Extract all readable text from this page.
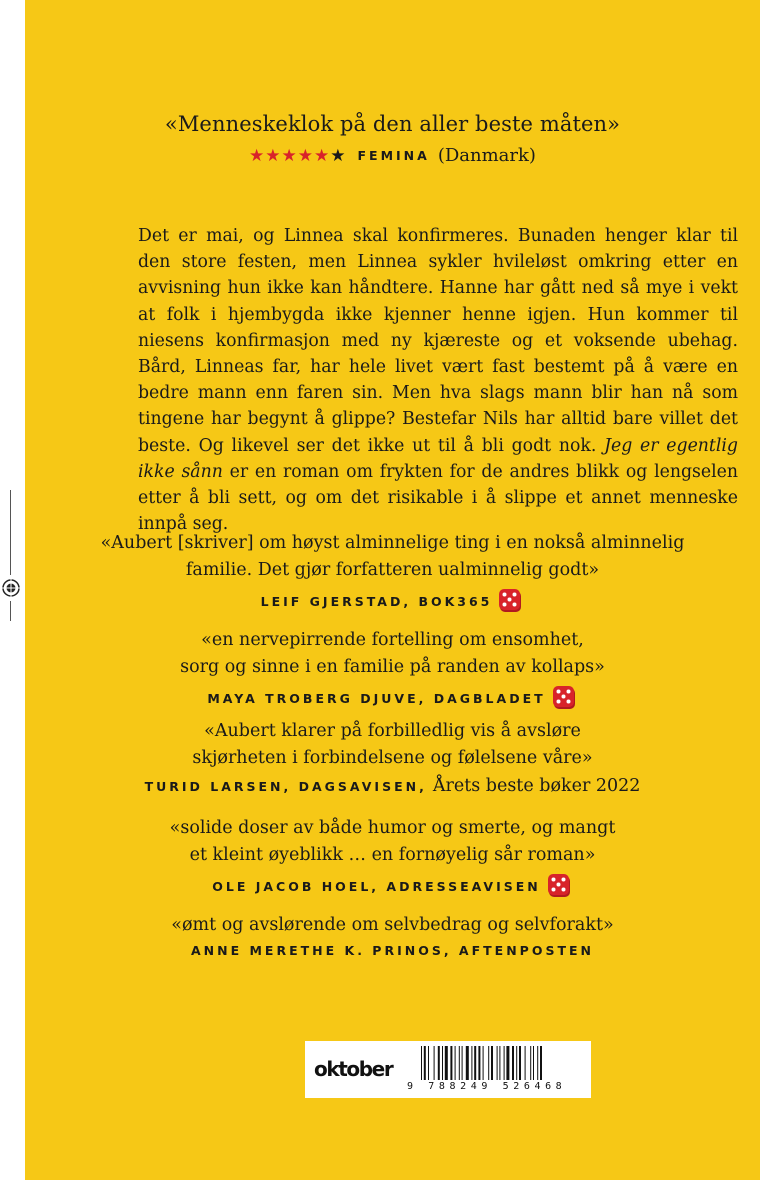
«Menneskeklok på den aller beste måten»
★★★★★ ★ FEMINA (Danmark)

Det er mai, og Linnea skal konfirmeres. Bunaden henger klar til den store festen, men Linnea sykler hvileløst omkring etter en avvisning hun ikke kan håndtere. Hanne har gått ned så mye i vekt at folk i hjembygda ikke kjenner henne igjen. Hun kommer til niesens konfirmasjon med ny kjæreste og et voksende ubehag. Bård, Linneas far, har hele livet vært fast bestemt på å være en bedre mann enn faren sin. Men hva slags mann blir han nå som tingene har begynt å glippe? Bestefar Nils har alltid bare villet det beste. Og likevel ser det ikke ut til å bli godt nok. Jeg er egentlig ikke sånn er en roman om frykten for de andres blikk og lengselen etter å bli sett, og om det risikable i å slippe et annet menneske innpå seg.

«Aubert [skriver] om høyst alminnelige ting i en nokså alminnelig
familie. Det gjør forfatteren ualminnelig godt»
LEIF GJERSTAD, BOK365
«en nervepirrende fortelling om ensomhet,
sorg og sinne i en familie på randen av kollaps»
MAYA TROBERG DJUVE, DAGBLADET
«Aubert klarer på forbilledlig vis å avsløre
skjørheten i forbindelsene og følelsene våre»
TURID LARSEN, DAGSAVISEN, Årets beste bøker 2022
«solide doser av både humor og smerte, og mangt
et kleint øyeblikk … en fornøyelig sår roman»
OLE JACOB HOEL, ADRESSEAVISEN
«ømt og avslørende om selvbedrag og selvforakt»
ANNE MERETHE K. PRINOS, AFTENPOSTEN
oktober
9 788249 526468
